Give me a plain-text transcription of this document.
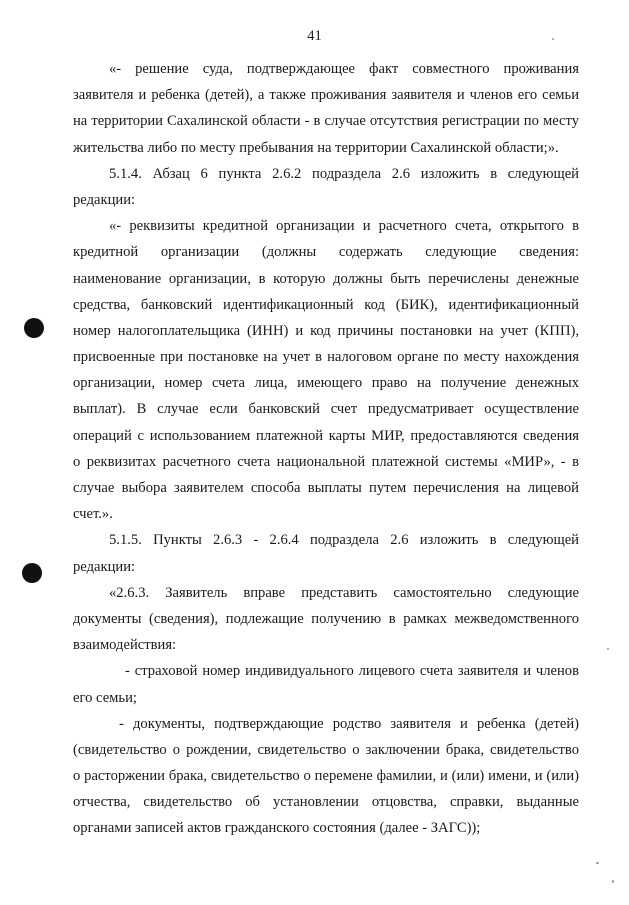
41
«- решение суда, подтверждающее факт совместного проживания
заявителя и ребенка (детей), а также проживания заявителя и членов его семьи
на территории Сахалинской области - в случае отсутствия регистрации по месту
жительства либо по месту пребывания на территории Сахалинской области;».
5.1.4. Абзац 6 пункта 2.6.2 подраздела 2.6 изложить в следующей
редакции:
«- реквизиты кредитной организации и расчетного счета, открытого в
кредитной организации (должны содержать следующие сведения:
наименование организации, в которую должны быть перечислены денежные
средства, банковский идентификационный код (БИК), идентификационный
номер налогоплательщика (ИНН) и код причины постановки на учет (КПП),
присвоенные при постановке на учет в налоговом органе по месту нахождения
организации, номер счета лица, имеющего право на получение денежных
выплат). В случае если банковский счет предусматривает осуществление
операций с использованием платежной карты МИР, предоставляются сведения
о реквизитах расчетного счета национальной платежной системы «МИР», - в
случае выбора заявителем способа выплаты путем перечисления на лицевой
счет.».
5.1.5. Пункты 2.6.3 - 2.6.4 подраздела 2.6 изложить в следующей
редакции:
«2.6.3. Заявитель вправе представить самостоятельно следующие
документы (сведения), подлежащие получению в рамках межведомственного
взаимодействия:
- страховой номер индивидуального лицевого счета заявителя и членов
его семьи;
- документы, подтверждающие родство заявителя и ребенка (детей)
(свидетельство о рождении, свидетельство о заключении брака, свидетельство
о расторжении брака, свидетельство о перемене фамилии, и (или) имени, и (или)
отчества, свидетельство об установлении отцовства, справки, выданные
органами записей актов гражданского состояния (далее - ЗАГС));
